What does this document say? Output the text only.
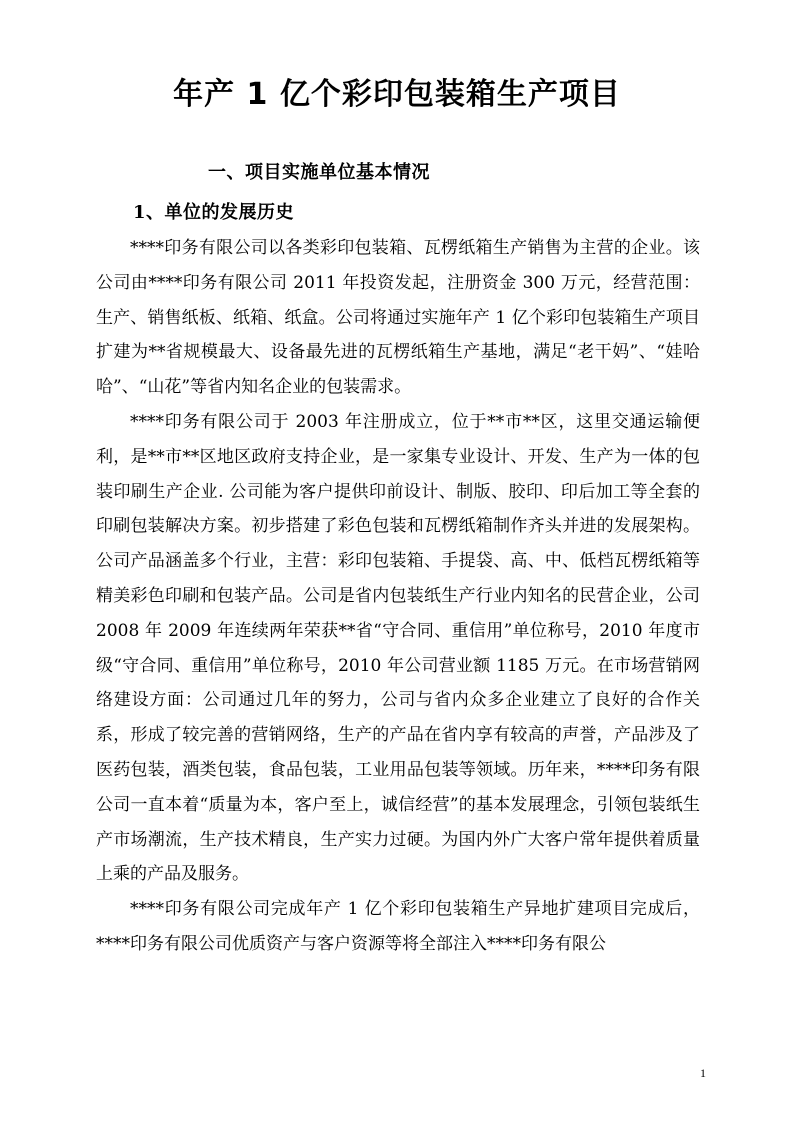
年产 1 亿个彩印包装箱生产项目
一、项目实施单位基本情况
1、单位的发展历史

****印务有限公司以各类彩印包装箱、瓦楞纸箱生产销售为主营的企业。该公司由****印务有限公司 2011 年投资发起，注册资金 300 万元，经营范围：生产、销售纸板、纸箱、纸盒。公司将通过实施年产 1 亿个彩印包装箱生产项目扩建为**省规模最大、设备最先进的瓦楞纸箱生产基地，满足“老干妈”、“娃哈哈”、“山花”等省内知名企业的包装需求。

****印务有限公司于 2003 年注册成立，位于**市**区，这里交通运输便利，是**市**区地区政府支持企业，是一家集专业设计、开发、生产为一体的包装印刷生产企业. 公司能为客户提供印前设计、制版、胶印、印后加工等全套的印刷包装解决方案。初步搭建了彩色包装和瓦楞纸箱制作齐头并进的发展架构。公司产品涵盖多个行业，主营：彩印包装箱、手提袋、高、中、低档瓦楞纸箱等精美彩色印刷和包装产品。公司是省内包装纸生产行业内知名的民营企业，公司 2008 年 2009 年连续两年荣获**省“守合同、重信用”单位称号，2010 年度市级“守合同、重信用”单位称号，2010 年公司营业额 1185 万元。在市场营销网络建设方面：公司通过几年的努力，公司与省内众多企业建立了良好的合作关系，形成了较完善的营销网络，生产的产品在省内享有较高的声誉，产品涉及了医药包装，酒类包装，食品包装，工业用品包装等领域。历年来，****印务有限公司一直本着“质量为本，客户至上，诚信经营”的基本发展理念，引领包装纸生产市场潮流，生产技术精良，生产实力过硬。为国内外广大客户常年提供着质量上乘的产品及服务。

****印务有限公司完成年产 1 亿个彩印包装箱生产异地扩建项目完成后，****印务有限公司优质资产与客户资源等将全部注入****印务有限公

1
